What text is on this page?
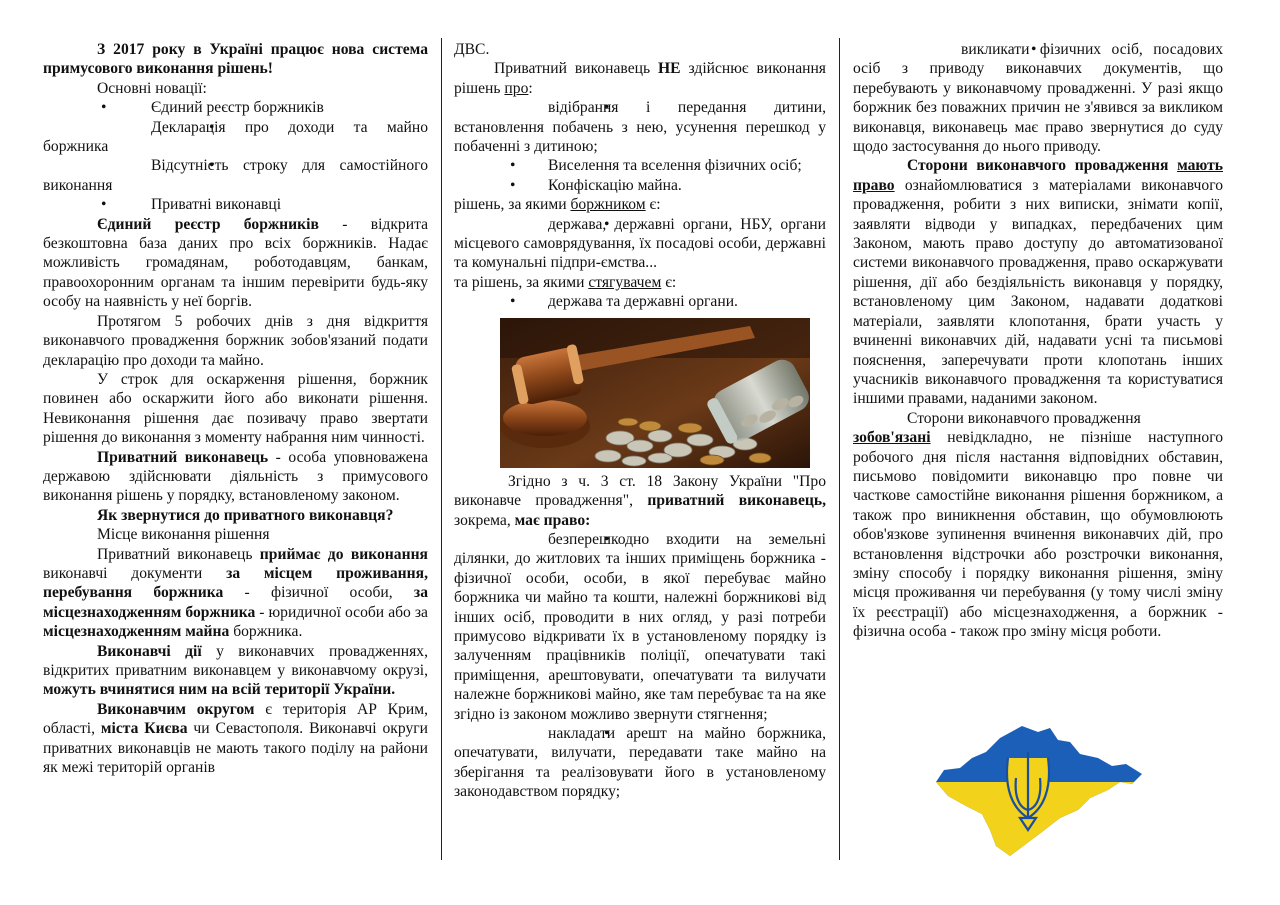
З 2017 року в Україні працює нова система примусового виконання рішень!

Основні новації:

• Єдиний реєстр боржників

• Декларація про доходи та майно боржника

• Відсутність строку для самостійного виконання

• Приватні виконавці

Єдиний реєстр боржників - відкрита безкоштовна база даних про всіх боржників. Надає можливість громадянам, роботодавцям, банкам, правоохоронним органам та іншим перевірити будь-яку особу на наявність у неї боргів.

Протягом 5 робочих днів з дня відкриття виконавчого провадження боржник зобов'язаний подати декларацію про доходи та майно.

У строк для оскарження рішення, боржник повинен або оскаржити його або виконати рішення. Невиконання рішення дає позивачу право звертати рішення до виконання з моменту набрання ним чинності.

Приватний виконавець - особа уповноважена державою здійснювати діяльність з примусового виконання рішень у порядку, встановленому законом.

Як звернутися до приватного виконавця?

Місце виконання рішення

Приватний виконавець приймає до виконання виконавчі документи за місцем проживання, перебування боржника - фізичної особи, за місцезнаходженням боржника - юридичної особи або за місцезнаходженням майна боржника.

Виконавчі дії у виконавчих провадженнях, відкритих приватним виконавцем у виконавчому окрузі, можуть вчинятися ним на всій території України.

Виконавчим округом є територія АР Крим, області, міста Києва чи Севастополя. Виконавчі округи приватних виконавців не мають такого поділу на райони як межі територій органів

ДВС.

Приватний виконавець НЕ здійснює виконання рішень про:

• відібрання і передання дитини, встановлення побачень з нею, усунення перешкод у побаченні з дитиною;

• Виселення та вселення фізичних осіб;

• Конфіскацію майна.

рішень, за якими боржником є:

• держава, державні органи, НБУ, органи місцевого самоврядування, їх посадові особи, державні та комунальні підпри-ємства...

та рішень, за якими стягувачем є:

• держава та державні органи.

Згідно з ч. 3 ст. 18 Закону України "Про виконавче провадження", приватний виконавець, зокрема, має право:

• безперешкодно входити на земельні ділянки, до житлових та інших приміщень боржника - фізичної особи, особи, в якої перебуває майно боржника чи майно та кошти, належні боржникові від інших осіб, проводити в них огляд, у разі потреби примусово відкривати їх в установленому порядку із залученням працівників поліції, опечатувати такі приміщення, арештовувати, опечатувати та вилучати належне боржникові майно, яке там перебуває та на яке згідно із законом можливо звернути стягнення;

• накладати арешт на майно боржника, опечатувати, вилучати, передавати таке майно на зберігання та реалізовувати його в установленому законодавством порядку;

• викликати фізичних осіб, посадових осіб з приводу виконавчих документів, що перебувають у виконавчому провадженні. У разі якщо боржник без поважних причин не з'явився за викликом виконавця, виконавець має право звернутися до суду щодо застосування до нього приводу.

Сторони виконавчого провадження мають право ознайомлюватися з матеріалами виконавчого провадження, робити з них виписки, знімати копії, заявляти відводи у випадках, передбачених цим Законом, мають право доступу до автоматизованої системи виконавчого провадження, право оскаржувати рішення, дії або бездіяльність виконавця у порядку, встановленому цим Законом, надавати додаткові матеріали, заявляти клопотання, брати участь у вчиненні виконавчих дій, надавати усні та письмові пояснення, заперечувати проти клопотань інших учасників виконавчого провадження та користуватися іншими правами, наданими законом.

Сторони виконавчого провадження

зобов'язані невідкладно, не пізніше наступного робочого дня після настання відповідних обставин, письмово повідомити виконавцю про повне чи часткове самостійне виконання рішення боржником, а також про виникнення обставин, що обумовлюють обов'язкове зупинення вчинення виконавчих дій, про встановлення відстрочки або розстрочки виконання, зміну способу і порядку виконання рішення, зміну місця проживання чи перебування (у тому числі зміну їх реєстрації) або місцезнаходження, а боржник - фізична особа - також про зміну місця роботи.
